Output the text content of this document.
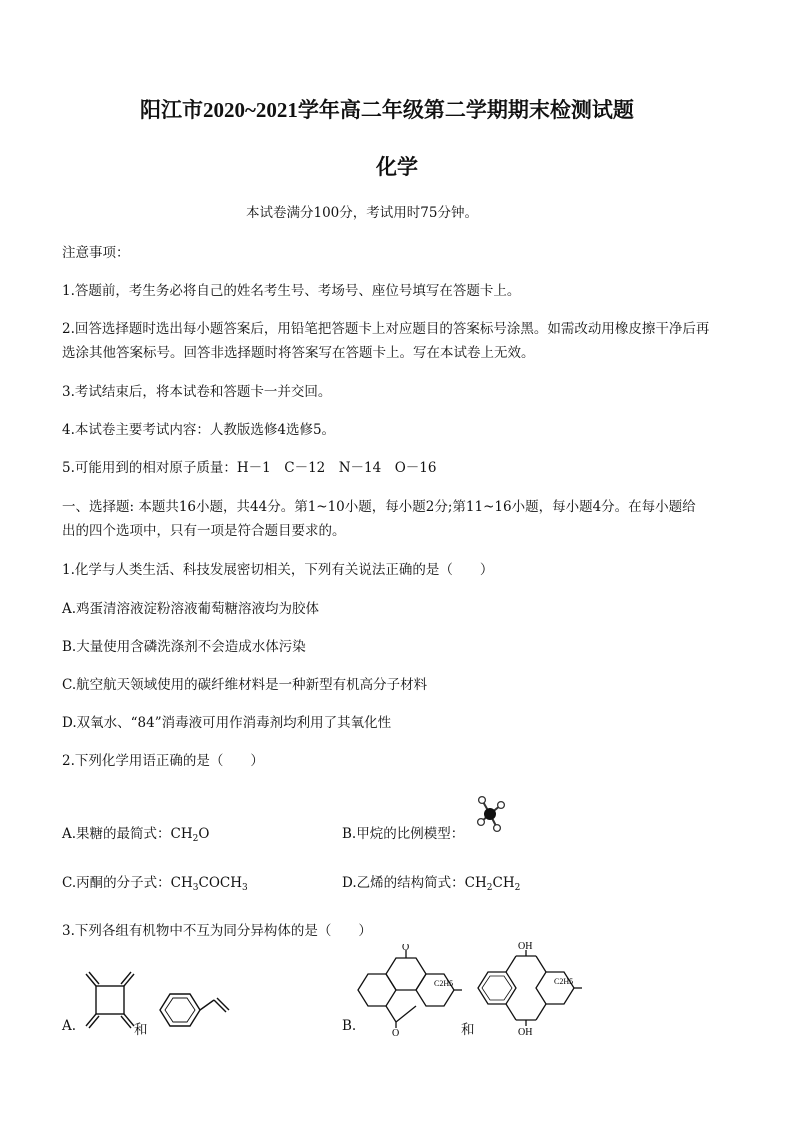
阳江市2020~2021学年高二年级第二学期期末检测试题
化学
本试卷满分100分，考试用时75分钟。
注意事项：
1.答题前，考生务必将自己的姓名考生号、考场号、座位号填写在答题卡上。
2.回答选择题时选出每小题答案后，用铅笔把答题卡上对应题目的答案标号涂黑。如需改动用橡皮擦干净后再
选涂其他答案标号。回答非选择题时将答案写在答题卡上。写在本试卷上无效。
3.考试结束后，将本试卷和答题卡一并交回。
4.本试卷主要考试内容：人教版选修4选修5。
5.可能用到的相对原子质量：H－1　C－12　N－14　O－16
一、选择题: 本题共16小题，共44分。第1~10小题，每小题2分;第11~16小题，每小题4分。在每小题给
出的四个选项中，只有一项是符合题目要求的。
1.化学与人类生活、科技发展密切相关，下列有关说法正确的是（　　）
A.鸡蛋清溶液淀粉溶液葡萄糖溶液均为胶体
B.大量使用含磷洗涤剂不会造成水体污染
C.航空航天领域使用的碳纤维材料是一种新型有机高分子材料
D.双氧水、“84”消毒液可用作消毒剂均利用了其氧化性
2.下列化学用语正确的是（　　）
A.果糖的最简式：$CH_2O$	B.甲烷的比例模型：
C.丙酮的分子式：$CH_3COCH_3$	D.乙烯的结构简式：$CH_2CH_2$
3.下列各组有机物中不互为同分异构体的是（　　）
A.	和	B.
O
O
C2H5
和
OH
OH
C2H5
